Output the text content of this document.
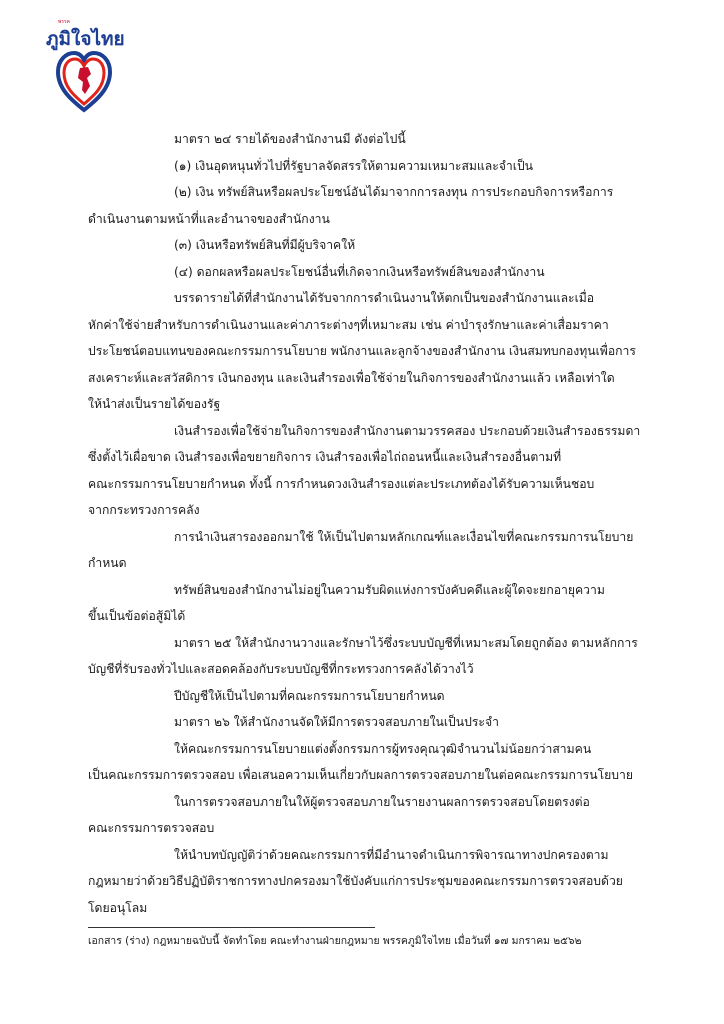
พรรค
ภูมิใจไทย
มาตรา ๒๔ รายได้ของสำนักงานมี ดังต่อไปนี้
(๑) เงินอุดหนุนทั่วไปที่รัฐบาลจัดสรรให้ตามความเหมาะสมและจำเป็น
(๒) เงิน ทรัพย์สินหรือผลประโยชน์อันได้มาจากการลงทุน การประกอบกิจการหรือการ
ดำเนินงานตามหน้าที่และอำนาจของสำนักงาน
(๓) เงินหรือทรัพย์สินที่มีผู้บริจาคให้
(๔) ดอกผลหรือผลประโยชน์อื่นที่เกิดจากเงินหรือทรัพย์สินของสำนักงาน
บรรดารายได้ที่สำนักงานได้รับจากการดำเนินงานให้ตกเป็นของสำนักงานและเมื่อ
หักค่าใช้จ่ายสำหรับการดำเนินงานและค่าภาระต่างๆที่เหมาะสม เช่น ค่าบำรุงรักษาและค่าเสื่อมราคา
ประโยชน์ตอบแทนของคณะกรรมการนโยบาย พนักงานและลูกจ้างของสำนักงาน เงินสมทบกองทุนเพื่อการ
สงเคราะห์และสวัสดิการ เงินกองทุน และเงินสำรองเพื่อใช้จ่ายในกิจการของสำนักงานแล้ว เหลือเท่าใด
ให้นำส่งเป็นรายได้ของรัฐ
เงินสำรองเพื่อใช้จ่ายในกิจการของสำนักงานตามวรรคสอง ประกอบด้วยเงินสำรองธรรมดา
ซึ่งตั้งไว้เผื่อขาด เงินสำรองเพื่อขยายกิจการ เงินสำรองเพื่อไถ่ถอนหนี้และเงินสำรองอื่นตามที่
คณะกรรมการนโยบายกำหนด ทั้งนี้ การกำหนดวงเงินสำรองแต่ละประเภทต้องได้รับความเห็นชอบ
จากกระทรวงการคลัง
การนำเงินสารองออกมาใช้ ให้เป็นไปตามหลักเกณฑ์และเงื่อนไขที่คณะกรรมการนโยบาย
กำหนด
ทรัพย์สินของสำนักงานไม่อยู่ในความรับผิดแห่งการบังคับคดีและผู้ใดจะยกอายุความ
ขึ้นเป็นข้อต่อสู้มิได้
มาตรา ๒๕ ให้สำนักงานวางและรักษาไว้ซึ่งระบบบัญชีที่เหมาะสมโดยถูกต้อง ตามหลักการ
บัญชีที่รับรองทั่วไปและสอดคล้องกับระบบบัญชีที่กระทรวงการคลังได้วางไว้
ปีบัญชีให้เป็นไปตามที่คณะกรรมการนโยบายกำหนด
มาตรา ๒๖ ให้สำนักงานจัดให้มีการตรวจสอบภายในเป็นประจำ
ให้คณะกรรมการนโยบายแต่งตั้งกรรมการผู้ทรงคุณวุฒิจำนวนไม่น้อยกว่าสามคน
เป็นคณะกรรมการตรวจสอบ เพื่อเสนอความเห็นเกี่ยวกับผลการตรวจสอบภายในต่อคณะกรรมการนโยบาย
ในการตรวจสอบภายในให้ผู้ตรวจสอบภายในรายงานผลการตรวจสอบโดยตรงต่อ
คณะกรรมการตรวจสอบ
ให้นำบทบัญญัติว่าด้วยคณะกรรมการที่มีอำนาจดำเนินการพิจารณาทางปกครองตาม
กฎหมายว่าด้วยวิธีปฏิบัติราชการทางปกครองมาใช้บังคับแก่การประชุมของคณะกรรมการตรวจสอบด้วย
โดยอนุโลม
เอกสาร (ร่าง) กฎหมายฉบับนี้ จัดทำโดย คณะทำงานฝ่ายกฎหมาย พรรคภูมิใจไทย เมื่อวันที่ ๑๗ มกราคม ๒๕๖๒
